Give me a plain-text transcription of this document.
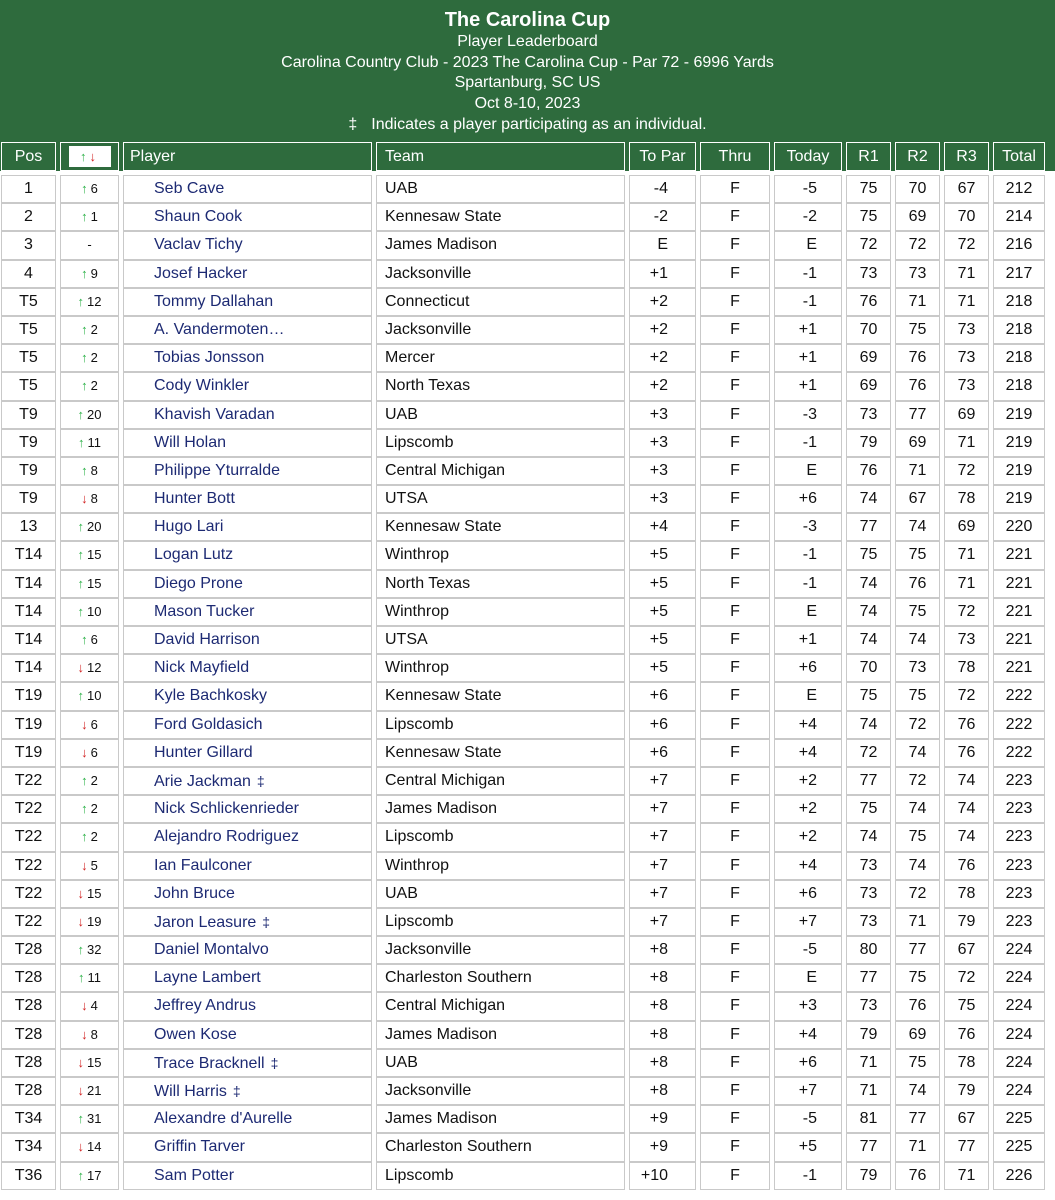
The Carolina Cup
Player Leaderboard
Carolina Country Club - 2023 The Carolina Cup - Par 72 - 6996 Yards
Spartanburg, SC US
Oct 8-10, 2023
‡ Indicates a player participating as an individual.
Pos	↑ ↓	Player	Team	To Par	Thru	Today	R1	R2	R3	Total
1	↑ 6	Seb Cave	UAB	-4	F	-5	75	70	67	212
2	↑ 1	Shaun Cook	Kennesaw State	-2	F	-2	75	69	70	214
3	-	Vaclav Tichy	James Madison	E	F	E	72	72	72	216
4	↑ 9	Josef Hacker	Jacksonville	+1	F	-1	73	73	71	217
T5	↑ 12	Tommy Dallahan	Connecticut	+2	F	-1	76	71	71	218
T5	↑ 2	A. Vandermoten…	Jacksonville	+2	F	+1	70	75	73	218
T5	↑ 2	Tobias Jonsson	Mercer	+2	F	+1	69	76	73	218
T5	↑ 2	Cody Winkler	North Texas	+2	F	+1	69	76	73	218
T9	↑ 20	Khavish Varadan	UAB	+3	F	-3	73	77	69	219
T9	↑ 11	Will Holan	Lipscomb	+3	F	-1	79	69	71	219
T9	↑ 8	Philippe Yturralde	Central Michigan	+3	F	E	76	71	72	219
T9	↓ 8	Hunter Bott	UTSA	+3	F	+6	74	67	78	219
13	↑ 20	Hugo Lari	Kennesaw State	+4	F	-3	77	74	69	220
T14	↑ 15	Logan Lutz	Winthrop	+5	F	-1	75	75	71	221
T14	↑ 15	Diego Prone	North Texas	+5	F	-1	74	76	71	221
T14	↑ 10	Mason Tucker	Winthrop	+5	F	E	74	75	72	221
T14	↑ 6	David Harrison	UTSA	+5	F	+1	74	74	73	221
T14	↓ 12	Nick Mayfield	Winthrop	+5	F	+6	70	73	78	221
T19	↑ 10	Kyle Bachkosky	Kennesaw State	+6	F	E	75	75	72	222
T19	↓ 6	Ford Goldasich	Lipscomb	+6	F	+4	74	72	76	222
T19	↓ 6	Hunter Gillard	Kennesaw State	+6	F	+4	72	74	76	222
T22	↑ 2	Arie Jackman ‡	Central Michigan	+7	F	+2	77	72	74	223
T22	↑ 2	Nick Schlickenrieder	James Madison	+7	F	+2	75	74	74	223
T22	↑ 2	Alejandro Rodriguez	Lipscomb	+7	F	+2	74	75	74	223
T22	↓ 5	Ian Faulconer	Winthrop	+7	F	+4	73	74	76	223
T22	↓ 15	John Bruce	UAB	+7	F	+6	73	72	78	223
T22	↓ 19	Jaron Leasure ‡	Lipscomb	+7	F	+7	73	71	79	223
T28	↑ 32	Daniel Montalvo	Jacksonville	+8	F	-5	80	77	67	224
T28	↑ 11	Layne Lambert	Charleston Southern	+8	F	E	77	75	72	224
T28	↓ 4	Jeffrey Andrus	Central Michigan	+8	F	+3	73	76	75	224
T28	↓ 8	Owen Kose	James Madison	+8	F	+4	79	69	76	224
T28	↓ 15	Trace Bracknell ‡	UAB	+8	F	+6	71	75	78	224
T28	↓ 21	Will Harris ‡	Jacksonville	+8	F	+7	71	74	79	224
T34	↑ 31	Alexandre d'Aurelle	James Madison	+9	F	-5	81	77	67	225
T34	↓ 14	Griffin Tarver	Charleston Southern	+9	F	+5	77	71	77	225
T36	↑ 17	Sam Potter	Lipscomb	+10	F	-1	79	76	71	226
